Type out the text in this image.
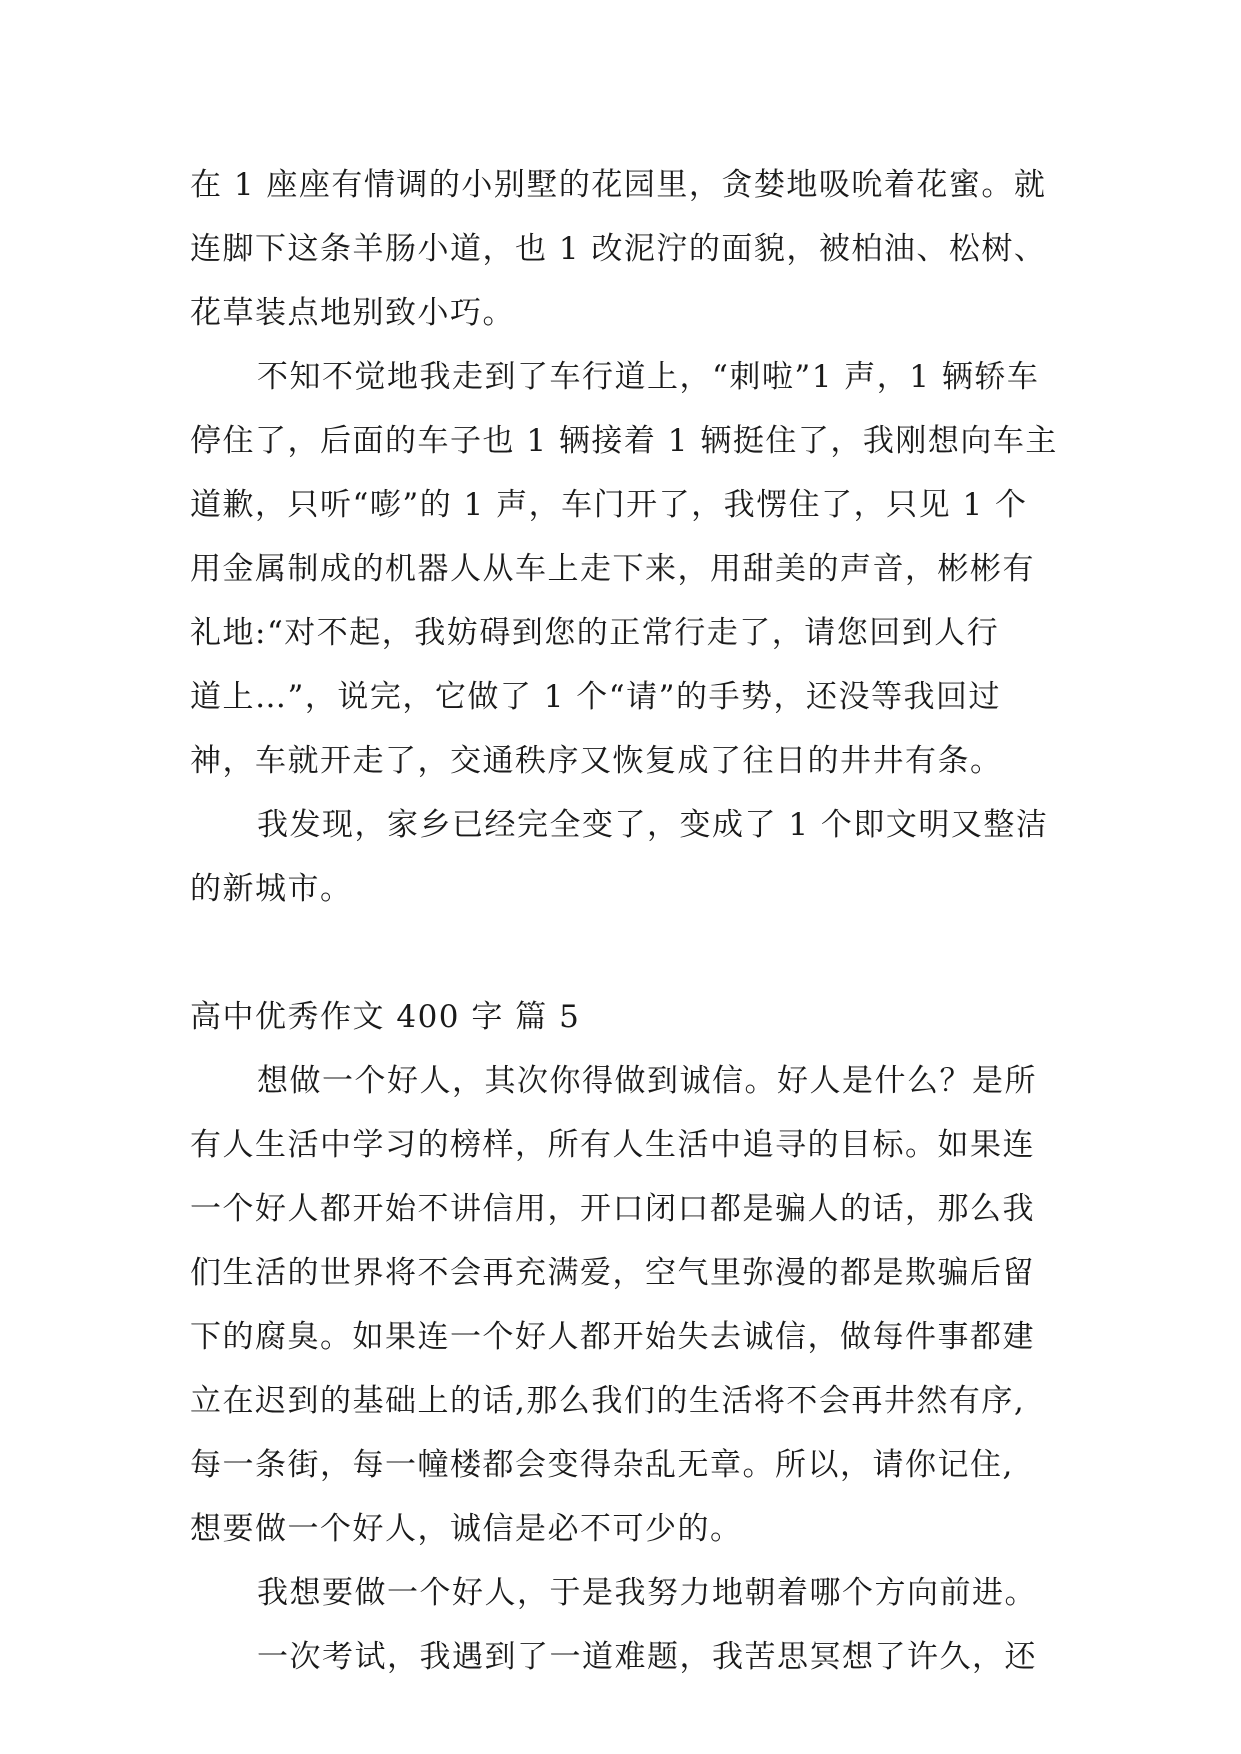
在 1 座座有情调的小别墅的花园里，贪婪地吸吮着花蜜。就
连脚下这条羊肠小道，也 1 改泥泞的面貌，被柏油、松树、
花草装点地别致小巧。
不知不觉地我走到了车行道上，“刺啦”1 声，1 辆轿车
停住了，后面的车子也 1 辆接着 1 辆挺住了，我刚想向车主
道歉，只听“嘭”的 1 声，车门开了，我愣住了，只见 1 个
用金属制成的机器人从车上走下来，用甜美的声音，彬彬有
礼地:“对不起，我妨碍到您的正常行走了，请您回到人行
道上…”，说完，它做了 1 个“请”的手势，还没等我回过
神，车就开走了，交通秩序又恢复成了往日的井井有条。
我发现，家乡已经完全变了，变成了 1 个即文明又整洁
的新城市。
高中优秀作文 400 字 篇 5
想做一个好人，其次你得做到诚信。好人是什么？是所
有人生活中学习的榜样，所有人生活中追寻的目标。如果连
一个好人都开始不讲信用，开口闭口都是骗人的话，那么我
们生活的世界将不会再充满爱，空气里弥漫的都是欺骗后留
下的腐臭。如果连一个好人都开始失去诚信，做每件事都建
立在迟到的基础上的话,那么我们的生活将不会再井然有序,
每一条街，每一幢楼都会变得杂乱无章。所以，请你记住,
想要做一个好人，诚信是必不可少的。
我想要做一个好人，于是我努力地朝着哪个方向前进。
一次考试，我遇到了一道难题，我苦思冥想了许久，还
